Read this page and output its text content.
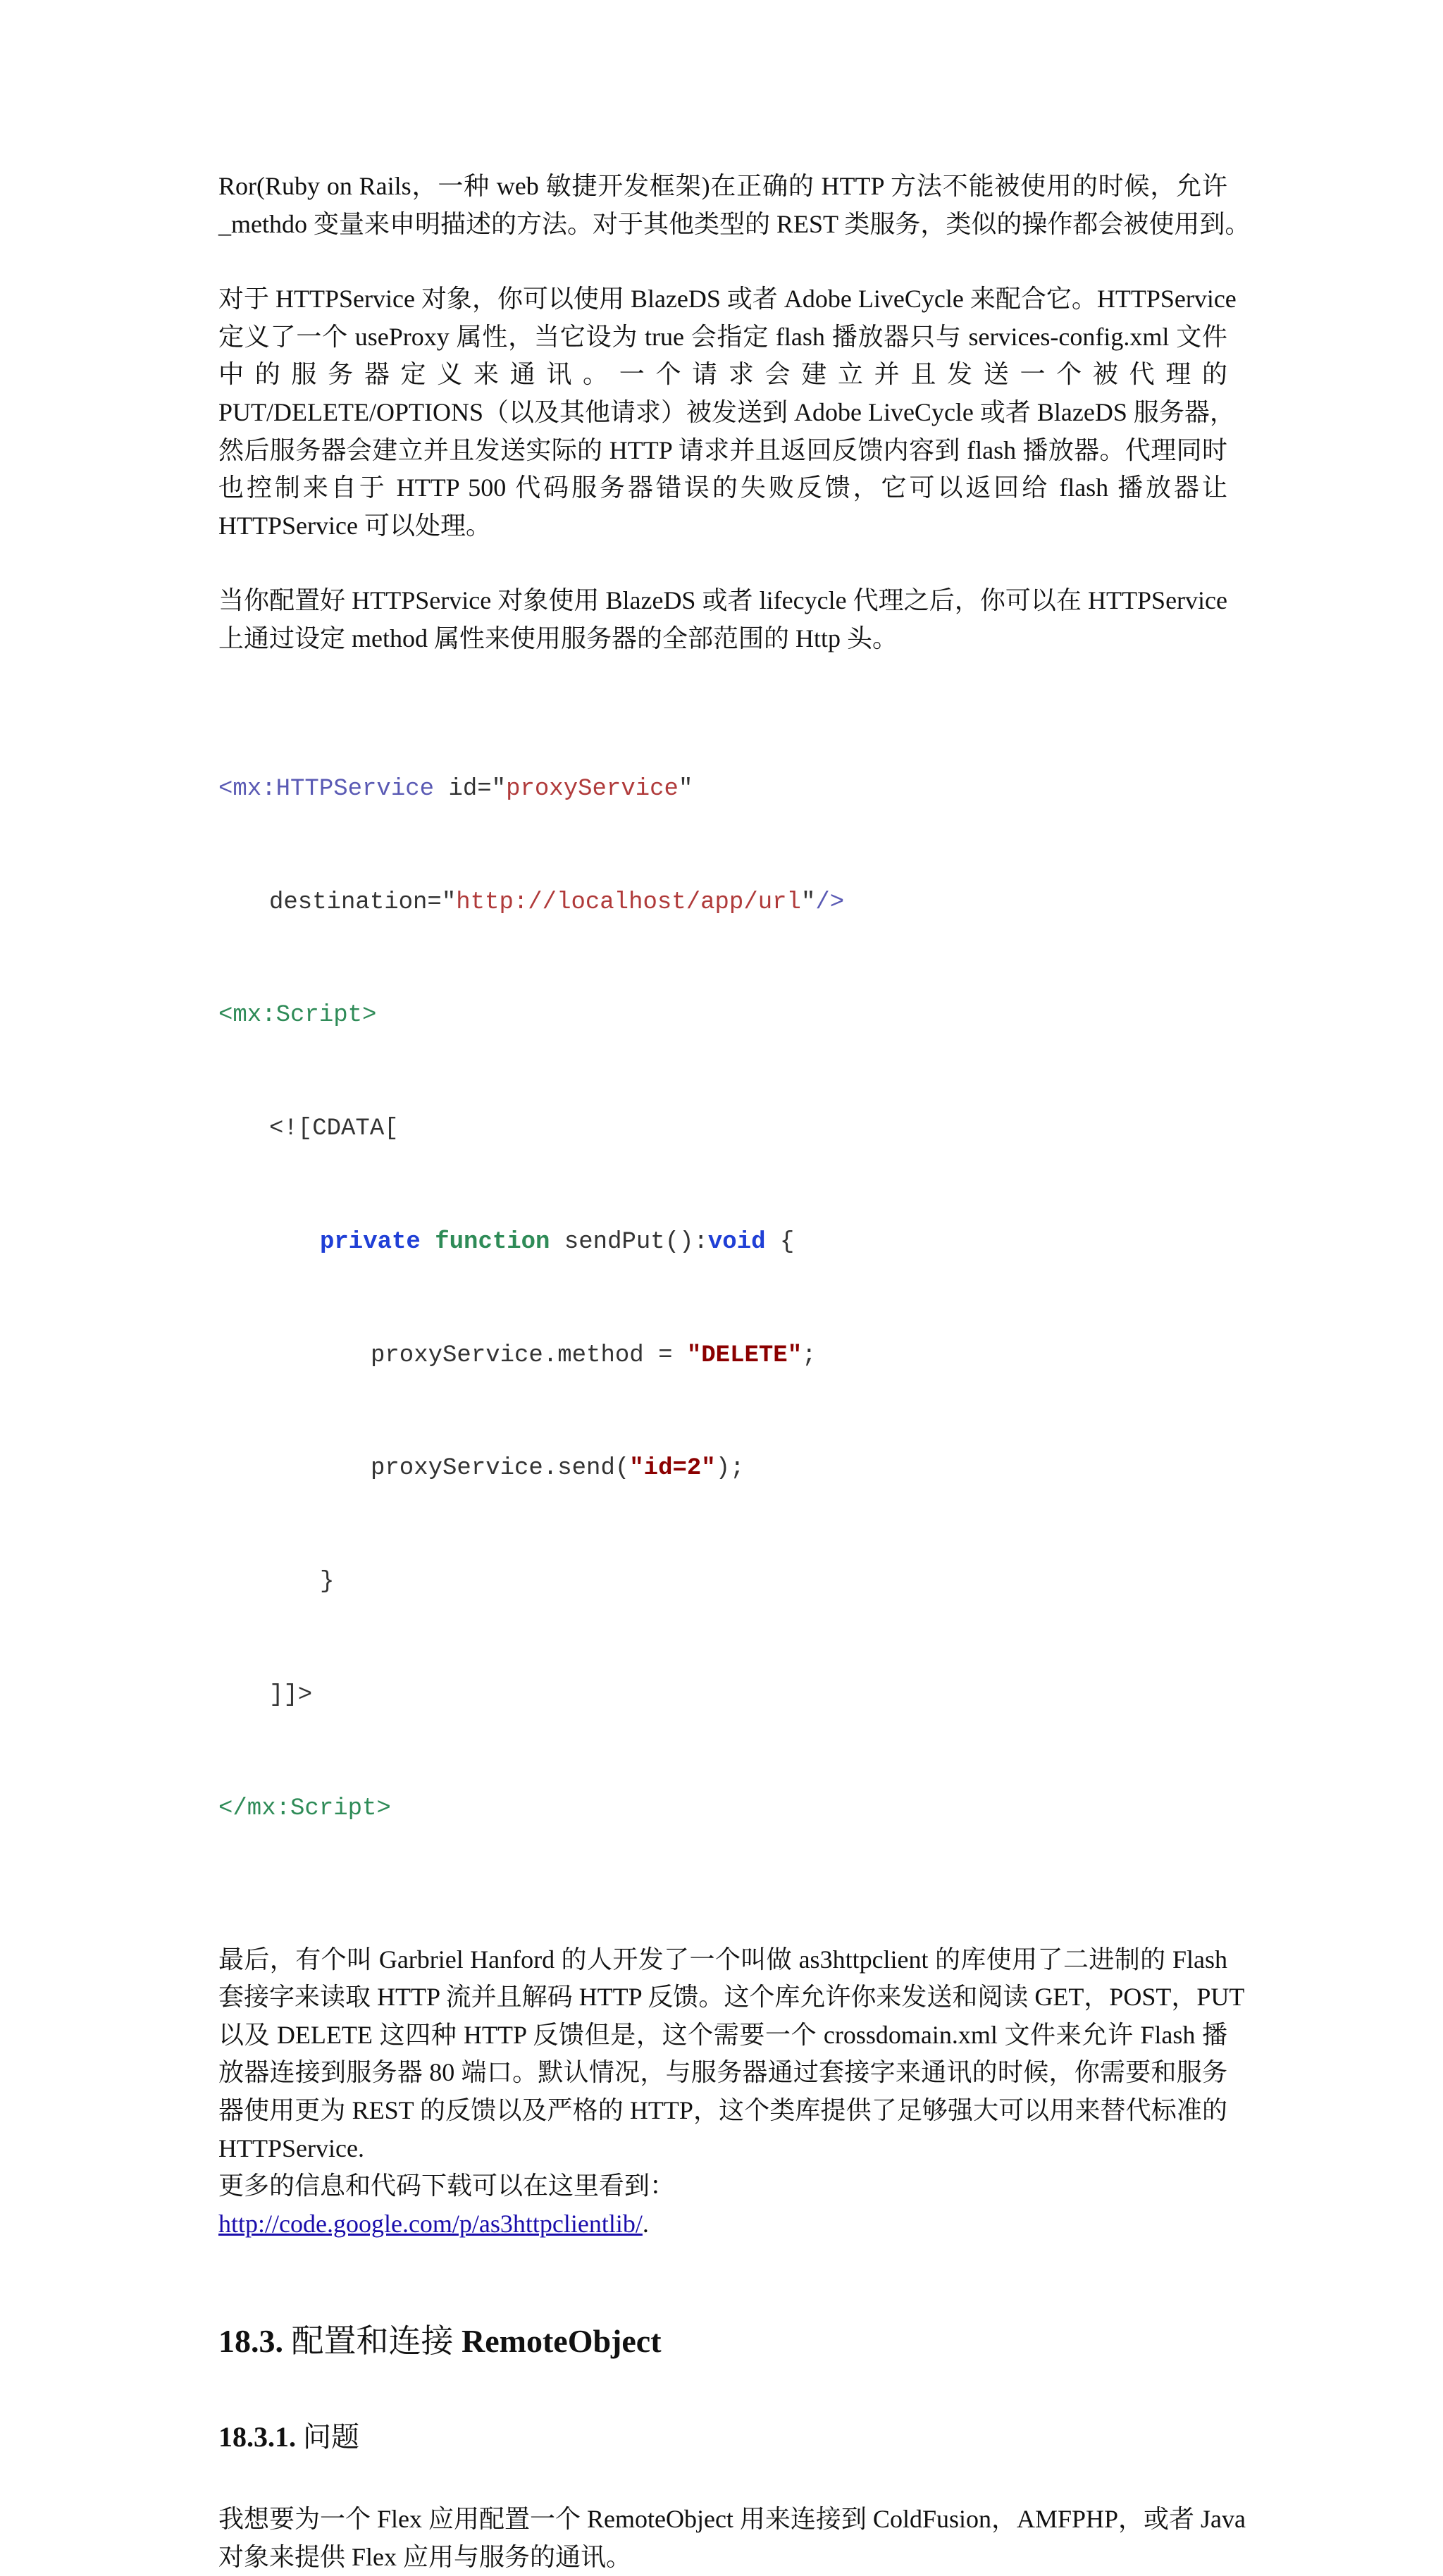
Ror(Ruby on Rails，一种 web 敏捷开发框架)在正确的 HTTP 方法不能被使用的时候，允许
_methdo 变量来申明描述的方法。对于其他类型的 REST 类服务，类似的操作都会被使用到。

对于 HTTPService 对象，你可以使用 BlazeDS 或者 Adobe LiveCycle 来配合它。HTTPService
定义了一个 useProxy 属性，当它设为 true 会指定 flash 播放器只与 services-config.xml 文件
中 的 服 务 器 定 义 来 通 讯 。 一 个 请 求 会 建 立 并 且 发 送 一 个 被 代 理 的
PUT/DELETE/OPTIONS（以及其他请求）被发送到 Adobe LiveCycle 或者 BlazeDS 服务器，
然后服务器会建立并且发送实际的 HTTP 请求并且返回反馈内容到 flash 播放器。代理同时
也控制来自于 HTTP 500 代码服务器错误的失败反馈，它可以返回给 flash 播放器让
HTTPService 可以处理。

当你配置好 HTTPService 对象使用 BlazeDS 或者 lifecycle 代理之后，你可以在 HTTPService
上通过设定 method 属性来使用服务器的全部范围的 Http 头。

<mx:HTTPService id="proxyService"

destination="http://localhost/app/url"/>

<mx:Script>

<![CDATA[

private function sendPut():void {

proxyService.method = "DELETE";

proxyService.send("id=2");

}

]]>

</mx:Script>

最后，有个叫 Garbriel Hanford 的人开发了一个叫做 as3httpclient 的库使用了二进制的 Flash
套接字来读取 HTTP 流并且解码 HTTP 反馈。这个库允许你来发送和阅读 GET，POST，PUT
以及 DELETE 这四种 HTTP 反馈但是，这个需要一个 crossdomain.xml 文件来允许 Flash 播
放器连接到服务器 80 端口。默认情况，与服务器通过套接字来通讯的时候，你需要和服务
器使用更为 REST 的反馈以及严格的 HTTP，这个类库提供了足够强大可以用来替代标准的
HTTPService.
更多的信息和代码下载可以在这里看到：
http://code.google.com/p/as3httpclientlib/.

18.3. 配置和连接 RemoteObject
18.3.1. 问题

我想要为一个 Flex 应用配置一个 RemoteObject 用来连接到 ColdFusion，AMFPHP，或者 Java
对象来提供 Flex 应用与服务的通讯。
